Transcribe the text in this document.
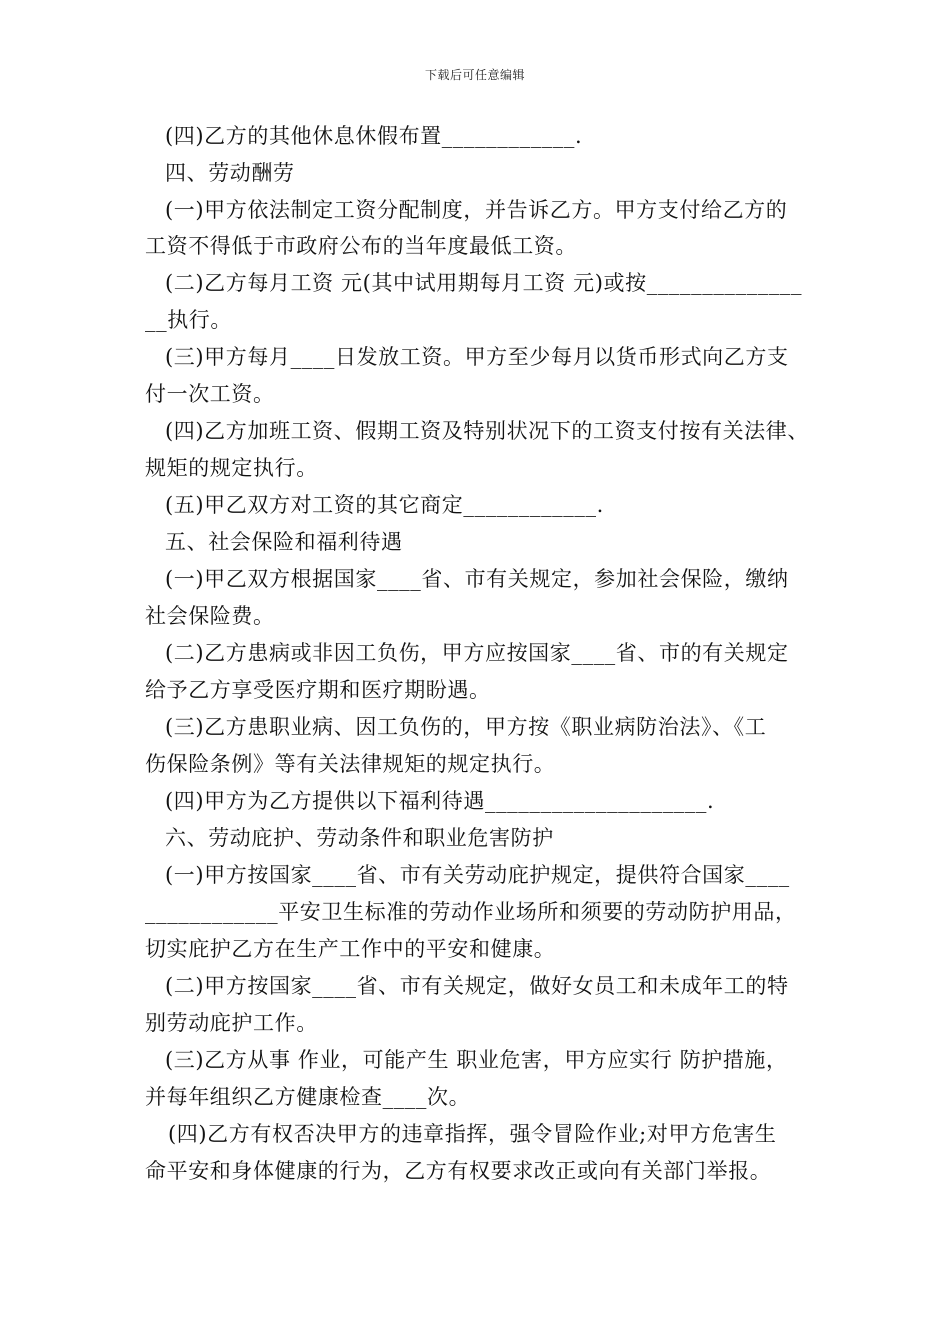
下载后可任意编辑
(四)乙方的其他休息休假布置____________.
四、劳动酬劳
(一)甲方依法制定工资分配制度，并告诉乙方。甲方支付给乙方的
工资不得低于市政府公布的当年度最低工资。
(二)乙方每月工资 元(其中试用期每月工资 元)或按______________
__执行。
(三)甲方每月____日发放工资。甲方至少每月以货币形式向乙方支
付一次工资。
(四)乙方加班工资、假期工资及特别状况下的工资支付按有关法律、
规矩的规定执行。
(五)甲乙双方对工资的其它商定____________.
五、社会保险和福利待遇
(一)甲乙双方根据国家____省、市有关规定，参加社会保险，缴纳
社会保险费。
(二)乙方患病或非因工负伤，甲方应按国家____省、市的有关规定
给予乙方享受医疗期和医疗期盼遇。
(三)乙方患职业病、因工负伤的，甲方按《职业病防治法》、《工
伤保险条例》等有关法律规矩的规定执行。
(四)甲方为乙方提供以下福利待遇____________________.
六、劳动庇护、劳动条件和职业危害防护
(一)甲方按国家____省、市有关劳动庇护规定，提供符合国家____
____________平安卫生标准的劳动作业场所和须要的劳动防护用品，
切实庇护乙方在生产工作中的平安和健康。
(二)甲方按国家____省、市有关规定，做好女员工和未成年工的特
别劳动庇护工作。
(三)乙方从事 作业，可能产生 职业危害，甲方应实行 防护措施，
并每年组织乙方健康检查____次。
(四)乙方有权否决甲方的违章指挥，强令冒险作业;对甲方危害生
命平安和身体健康的行为，乙方有权要求改正或向有关部门举报。
